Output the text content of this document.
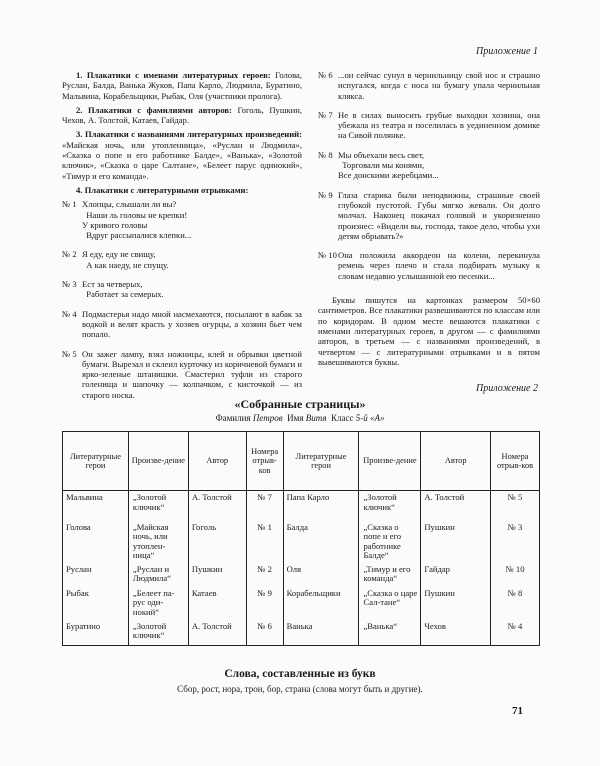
Приложение 1
1. Плакатики с именами литературных героев: Голова, Руслан, Балда, Ванька Жуков, Папа Карло, Людмила, Буратино, Мальвина, Корабельщики, Рыбак, Оля (участники пролога).
2. Плакатики с фамилиями авторов: Гоголь, Пушкин, Чехов, А. Толстой, Катаев, Гайдар.
3. Плакатики с названиями литературных произведений: «Майская ночь, или утопленница», «Руслан и Людмила», «Сказка о попе и его работнике Балде», «Ванька», «Золотой ключик», «Сказка о царе Салтане», «Белеет парус одинокий», «Тимур и его команда».
4. Плакатики с литературными отрывками:
№ 1 Хлопцы, слышали ли вы?
Наши ль головы не крепки!
У кривого головы
Вдруг рассыпалися клепки...
№ 2 Я еду, еду не свищу,
А как наеду, не спущу.
№ 3 Ест за четверых,
Работает за семерых.
№ 4 Подмастерья надо мной насмехаются, посылают в кабак за водкой и велят красть у хозяев огурцы, а хозяин бьет чем попало.
№ 5 Он зажег лампу, взял ножницы, клей и обрывки цветной бумаги. Вырезал и склеил курточку из коричневой бумаги и ярко-зеленые штанишки. Смастерил туфли из старого голенища и шапочку — колпачком, с кисточкой — из старого носка.
№ 6 ...он сейчас сунул в чернильницу свой нос и страшно испугался, когда с носа на бумагу упала чернильная клякса.
№ 7 Не в силах выносить грубые выходки хозяина, она убежала из театра и поселилась в уединенном домике на Сивой полянке.
№ 8 Мы объехали весь свет,
Торговали мы конями,
Все донскими жеребцами...
№ 9 Глаза старика были неподвижны, страшные своей глубокой пустотой. Губы мягко жевали. Он долго молчал. Наконец покачал головой и укоризненно произнес: «Видели вы, господа, такое дело, чтобы ухи детям обрывать?»
№ 10 Она положила аккордеон на колени, перекинула ремень через плечо и стала подбирать музыку к словам недавно услышанной ею песенки...
Буквы пишутся на картонках размером 50×60 сантиметров. Все плакатики развешиваются по классам или по коридорам. В одном месте вешаются плакатики с именами литературных героев, в другом — с фамилиями авторов, в третьем — с названиями произведений, в четвертом — с литературными отрывками и в пятом вывешиваются буквы.
Приложение 2
«Собранные страницы»
Фамилия Петров Имя Витя Класс 5-й «А»
Литературные герои	Произве-дение	Автор	Номера отрыв-ков	Литературные герои	Произве-дение	Автор	Номера отрыв-ков
Мальвина	„Золотой ключик“	А. Толстой	№ 7	Папа Карло	„Золотой ключик“	А. Толстой	№ 5
Голова	„Майская ночь, или утоплен-ница“	Гоголь	№ 1	Балда	„Сказка о попе и его работнике Балде“	Пушкин	№ 3
Руслан	„Руслан и Людмила“	Пушкин	№ 2	Оля	„Тимур и его команда“	Гайдар	№ 10
Рыбак	„Белеет па-рус оди-нокий“	Катаев	№ 9	Корабельщики	„Сказка о царе Сал-тане“	Пушкин	№ 8
Буратино	„Золотой ключик“	А. Толстой	№ 6	Ванька	„Ванька“	Чехов	№ 4
Слова, составленные из букв
Сбор, рост, нора, трон, бор, страна (слова могут быть и другие).
71
